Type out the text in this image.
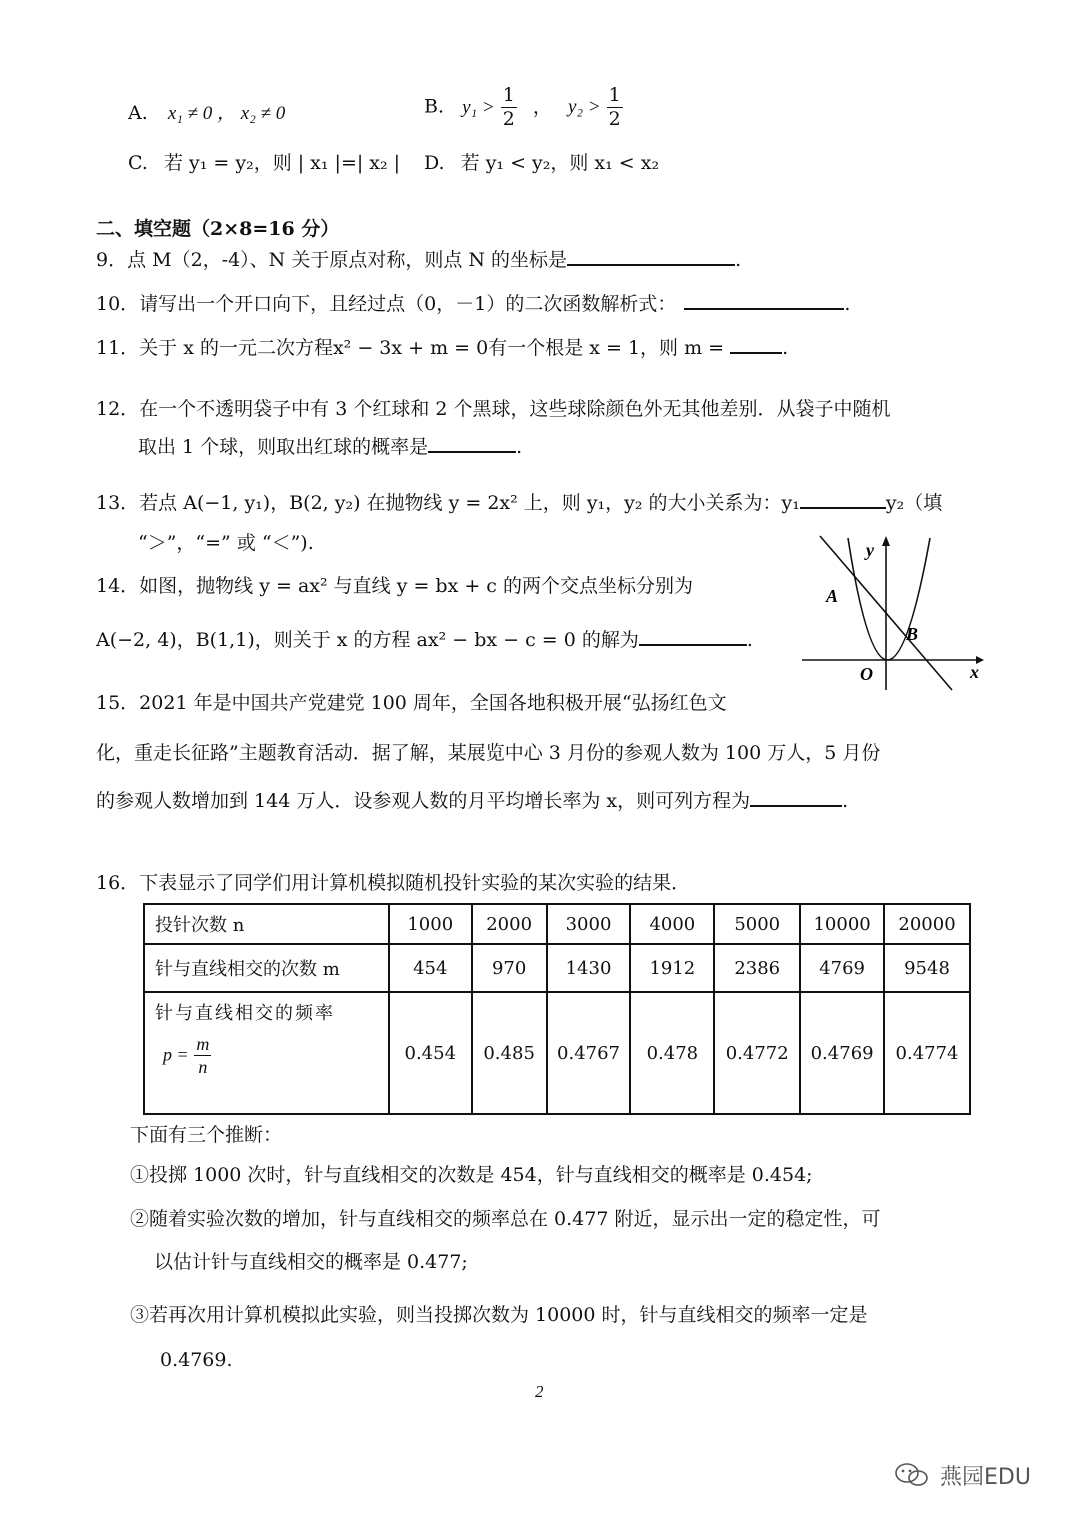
A. x₁ ≠ 0 ， x₂ ≠ 0	B. $y_1 > \frac{1}{2}$ ， $y_2 > \frac{1}{2}$
C. 若 y₁ = y₂，则 | x₁ |=| x₂ | D. 若 y₁ < y₂，则 x₁ < x₂
二、填空题（2×8=16 分）
9．点 M（2，-4）、N 关于原点对称，则点 N 的坐标是	.
10．请写出一个开口向下，且经过点（0，－1）的二次函数解析式：	.
11．关于 x 的一元二次方程x² − 3x + m = 0有一个根是 x = 1，则 m =	.
12．在一个不透明袋子中有 3 个红球和 2 个黑球，这些球除颜色外无其他差别．从袋子中随机
取出 1 个球，则取出红球的概率是	.
13．若点 A(−1, y₁)，B(2, y₂) 在抛物线 y = 2x² 上，则 y₁，y₂ 的大小关系为：y₁	y₂（填
“＞”，“=” 或 “＜”).
14．如图，抛物线 y = ax² 与直线 y = bx + c 的两个交点坐标分别为
A(−2, 4)，B(1,1)，则关于 x 的方程 ax² − bx − c = 0 的解为	.
y
x
O
A
B
15．2021 年是中国共产党建党 100 周年，全国各地积极开展“弘扬红色文
化，重走长征路”主题教育活动．据了解，某展览中心 3 月份的参观人数为 100 万人，5 月份
的参观人数增加到 144 万人．设参观人数的月平均增长率为 x，则可列方程为	.
16．下表显示了同学们用计算机模拟随机投针实验的某次实验的结果．
投针次数 n	1000	2000	3000	4000	5000	10000	20000
针与直线相交的次数 m	454	970	1430	1912	2386	4769	9548

针与直线相交的频率
$p = \frac{m}{n}$	0.454	0.485	0.4767	0.478	0.4772	0.4769	0.4774
下面有三个推断：
①投掷 1000 次时，针与直线相交的次数是 454，针与直线相交的概率是 0.454;
②随着实验次数的增加，针与直线相交的频率总在 0.477 附近，显示出一定的稳定性，可
以估计针与直线相交的概率是 0.477;
③若再次用计算机模拟此实验，则当投掷次数为 10000 时，针与直线相交的频率一定是
0.4769.
2
燕园EDU
